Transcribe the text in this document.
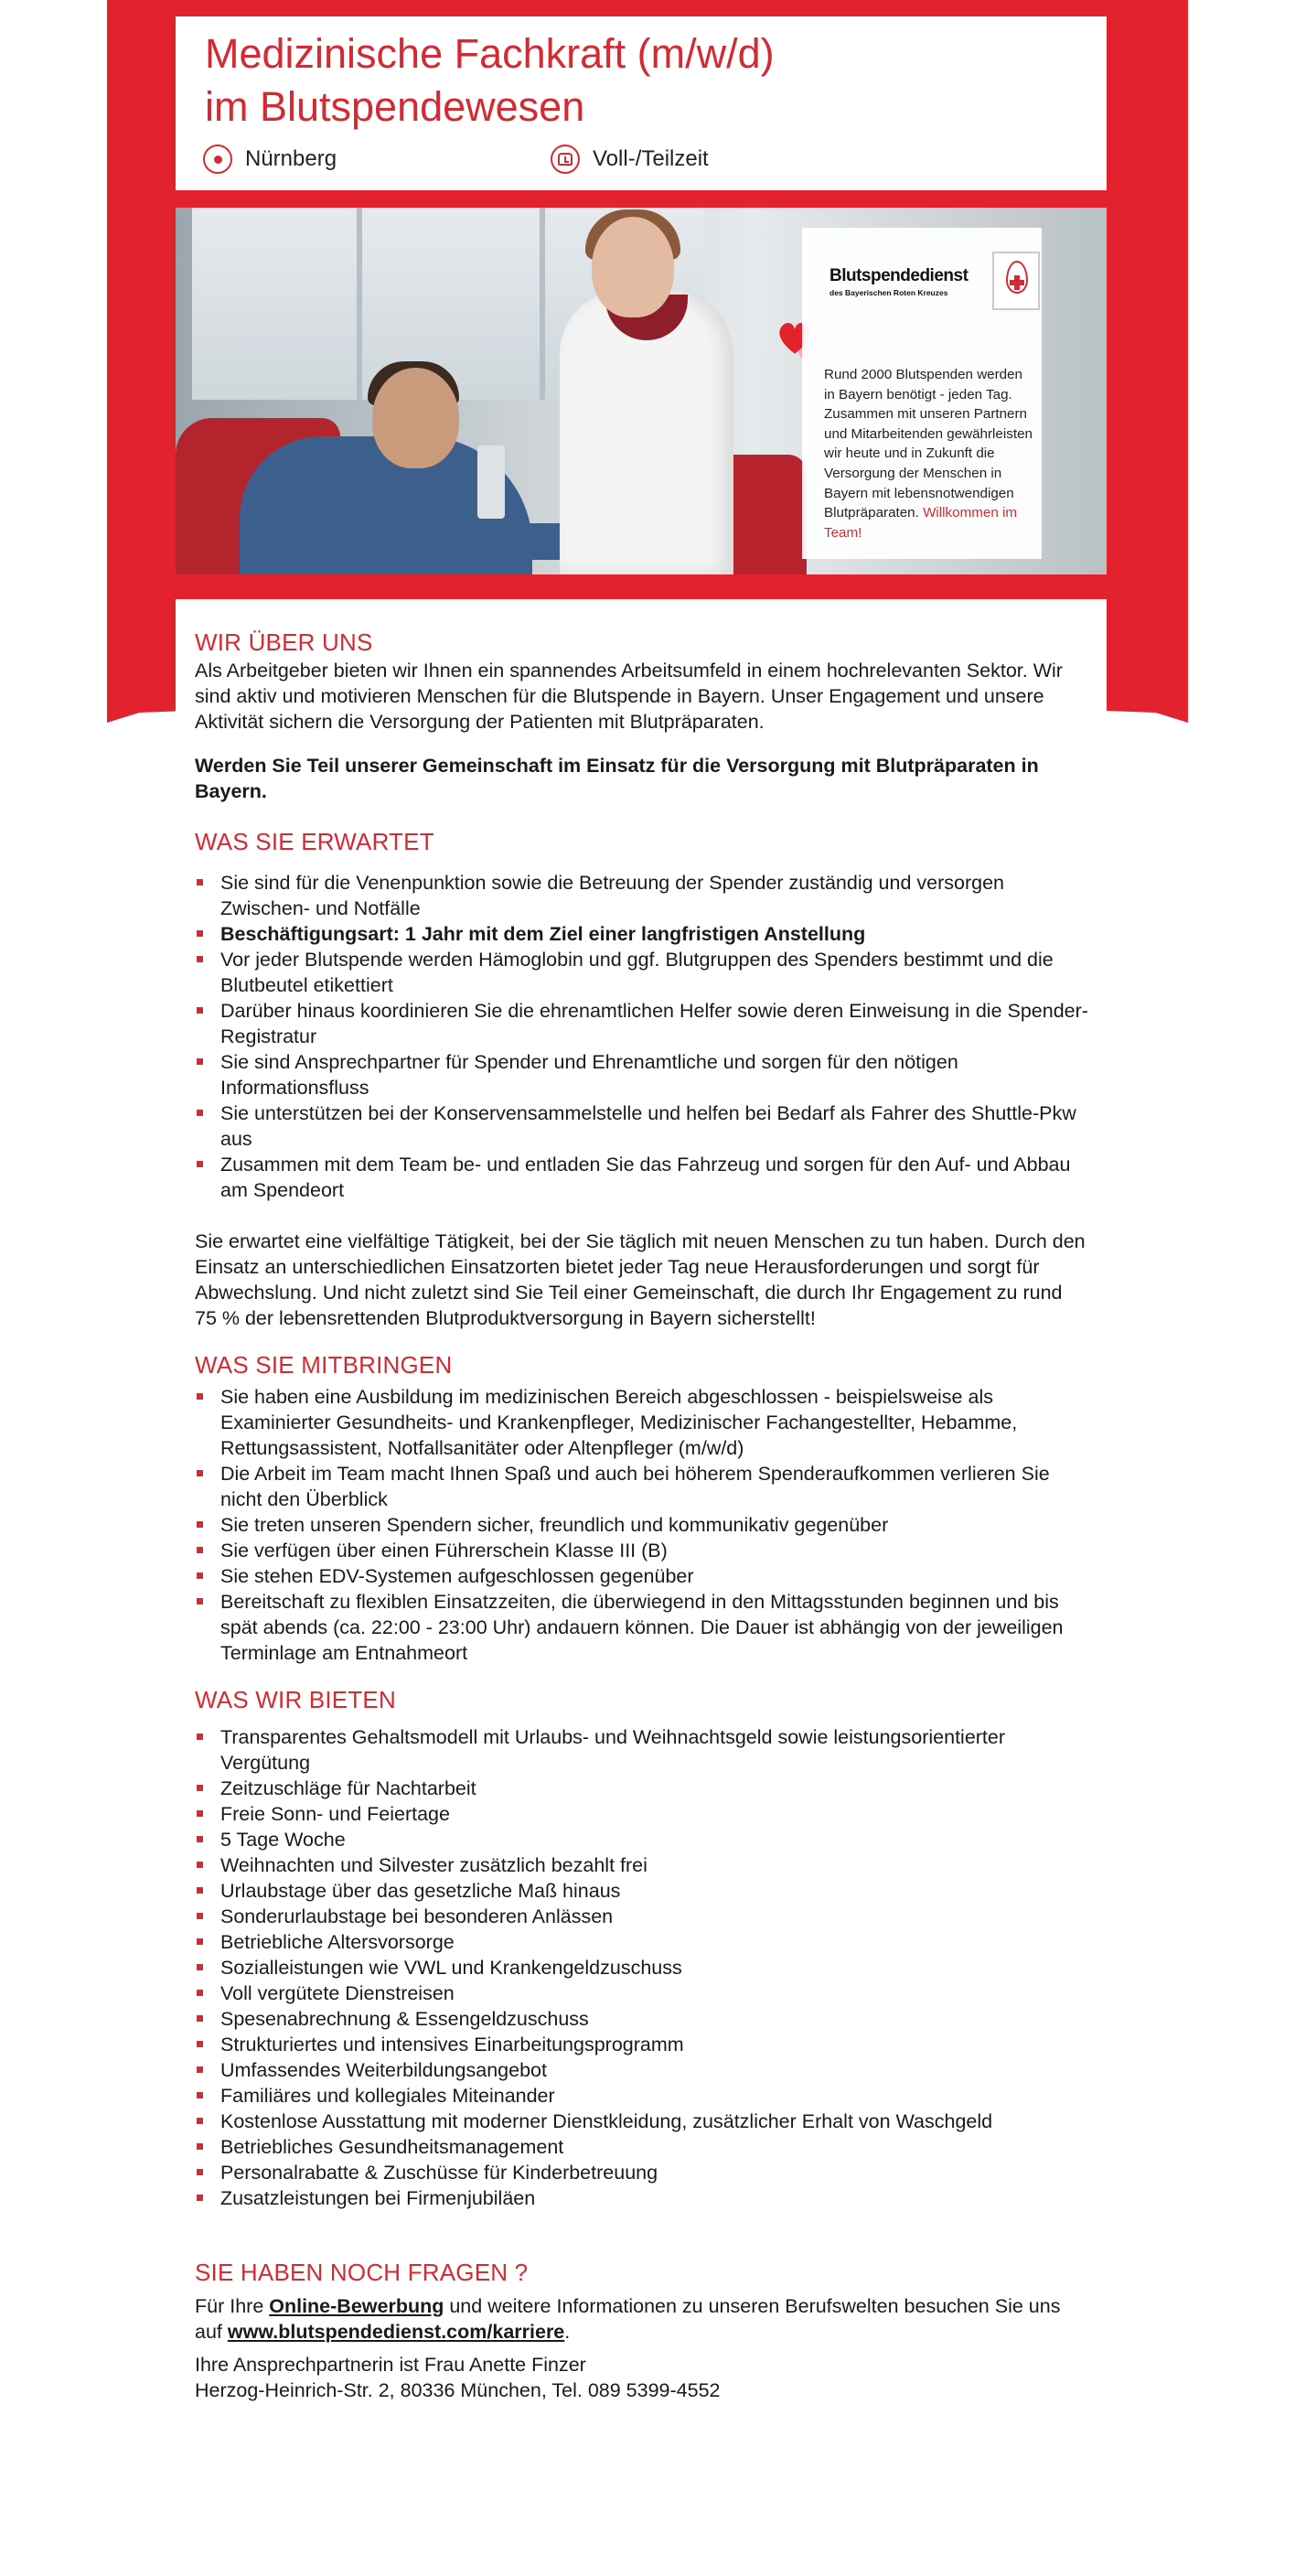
Medizinische Fachkraft (m/w/d)
im Blutspendewesen
Nürnberg	Voll-/Teilzeit
Blutspendedienst
des Bayerischen Roten Kreuzes
Rund 2000 Blutspenden werden in Bayern benötigt - jeden Tag. Zusammen mit unseren Partnern und Mitarbeitenden gewährleisten wir heute und in Zukunft die Versorgung der Menschen in Bayern mit lebensnotwendigen Blutpräparaten. Willkommen im Team!
WIR ÜBER UNS

Als Arbeitgeber bieten wir Ihnen ein spannendes Arbeitsumfeld in einem hochrelevanten Sektor. Wir sind aktiv und motivieren Menschen für die Blutspende in Bayern. Unser Engagement und unsere Aktivität sichern die Versorgung der Patienten mit Blutpräparaten.

Werden Sie Teil unserer Gemeinschaft im Einsatz für die Versorgung mit Blutpräparaten in Bayern.

WAS SIE ERWARTET
Sie sind für die Venenpunktion sowie die Betreuung der Spender zuständig und versorgen Zwischen- und Notfälle
Beschäftigungsart: 1 Jahr mit dem Ziel einer langfristigen Anstellung
Vor jeder Blutspende werden Hämoglobin und ggf. Blutgruppen des Spenders bestimmt und die Blutbeutel etikettiert
Darüber hinaus koordinieren Sie die ehrenamtlichen Helfer sowie deren Einweisung in die Spender-Registratur
Sie sind Ansprechpartner für Spender und Ehrenamtliche und sorgen für den nötigen Informationsfluss
Sie unterstützen bei der Konservensammelstelle und helfen bei Bedarf als Fahrer des Shuttle-Pkw aus
Zusammen mit dem Team be- und entladen Sie das Fahrzeug und sorgen für den Auf- und Abbau am Spendeort

Sie erwartet eine vielfältige Tätigkeit, bei der Sie täglich mit neuen Menschen zu tun haben. Durch den Einsatz an unterschiedlichen Einsatzorten bietet jeder Tag neue Herausforderungen und sorgt für Abwechslung. Und nicht zuletzt sind Sie Teil einer Gemeinschaft, die durch Ihr Engagement zu rund 75 % der lebensrettenden Blutproduktversorgung in Bayern sicherstellt!

WAS SIE MITBRINGEN
Sie haben eine Ausbildung im medizinischen Bereich abgeschlossen - beispielsweise als Examinierter Gesundheits- und Krankenpfleger, Medizinischer Fachangestellter, Hebamme, Rettungsassistent, Notfallsanitäter oder Altenpfleger (m/w/d)
Die Arbeit im Team macht Ihnen Spaß und auch bei höherem Spenderaufkommen verlieren Sie nicht den Überblick
Sie treten unseren Spendern sicher, freundlich und kommunikativ gegenüber
Sie verfügen über einen Führerschein Klasse III (B)
Sie stehen EDV-Systemen aufgeschlossen gegenüber
Bereitschaft zu flexiblen Einsatzzeiten, die überwiegend in den Mittagsstunden beginnen und bis spät abends (ca. 22:00 - 23:00 Uhr) andauern können. Die Dauer ist abhängig von der jeweiligen Terminlage am Entnahmeort
WAS WIR BIETEN
Transparentes Gehaltsmodell mit Urlaubs- und Weihnachtsgeld sowie leistungsorientierter Vergütung
Zeitzuschläge für Nachtarbeit
Freie Sonn- und Feiertage
5 Tage Woche
Weihnachten und Silvester zusätzlich bezahlt frei
Urlaubstage über das gesetzliche Maß hinaus
Sonderurlaubstage bei besonderen Anlässen
Betriebliche Altersvorsorge
Sozialleistungen wie VWL und Krankengeldzuschuss
Voll vergütete Dienstreisen
Spesenabrechnung & Essengeldzuschuss
Strukturiertes und intensives Einarbeitungsprogramm
Umfassendes Weiterbildungsangebot
Familiäres und kollegiales Miteinander
Kostenlose Ausstattung mit moderner Dienstkleidung, zusätzlicher Erhalt von Waschgeld
Betriebliches Gesundheitsmanagement
Personalrabatte & Zuschüsse für Kinderbetreuung
Zusatzleistungen bei Firmenjubiläen
SIE HABEN NOCH FRAGEN ?

Für Ihre Online-Bewerbung und weitere Informationen zu unseren Berufswelten besuchen Sie uns auf www.blutspendedienst.com/karriere.

Ihre Ansprechpartnerin ist Frau Anette Finzer

Herzog-Heinrich-Str. 2, 80336 München, Tel. 089 5399-4552
